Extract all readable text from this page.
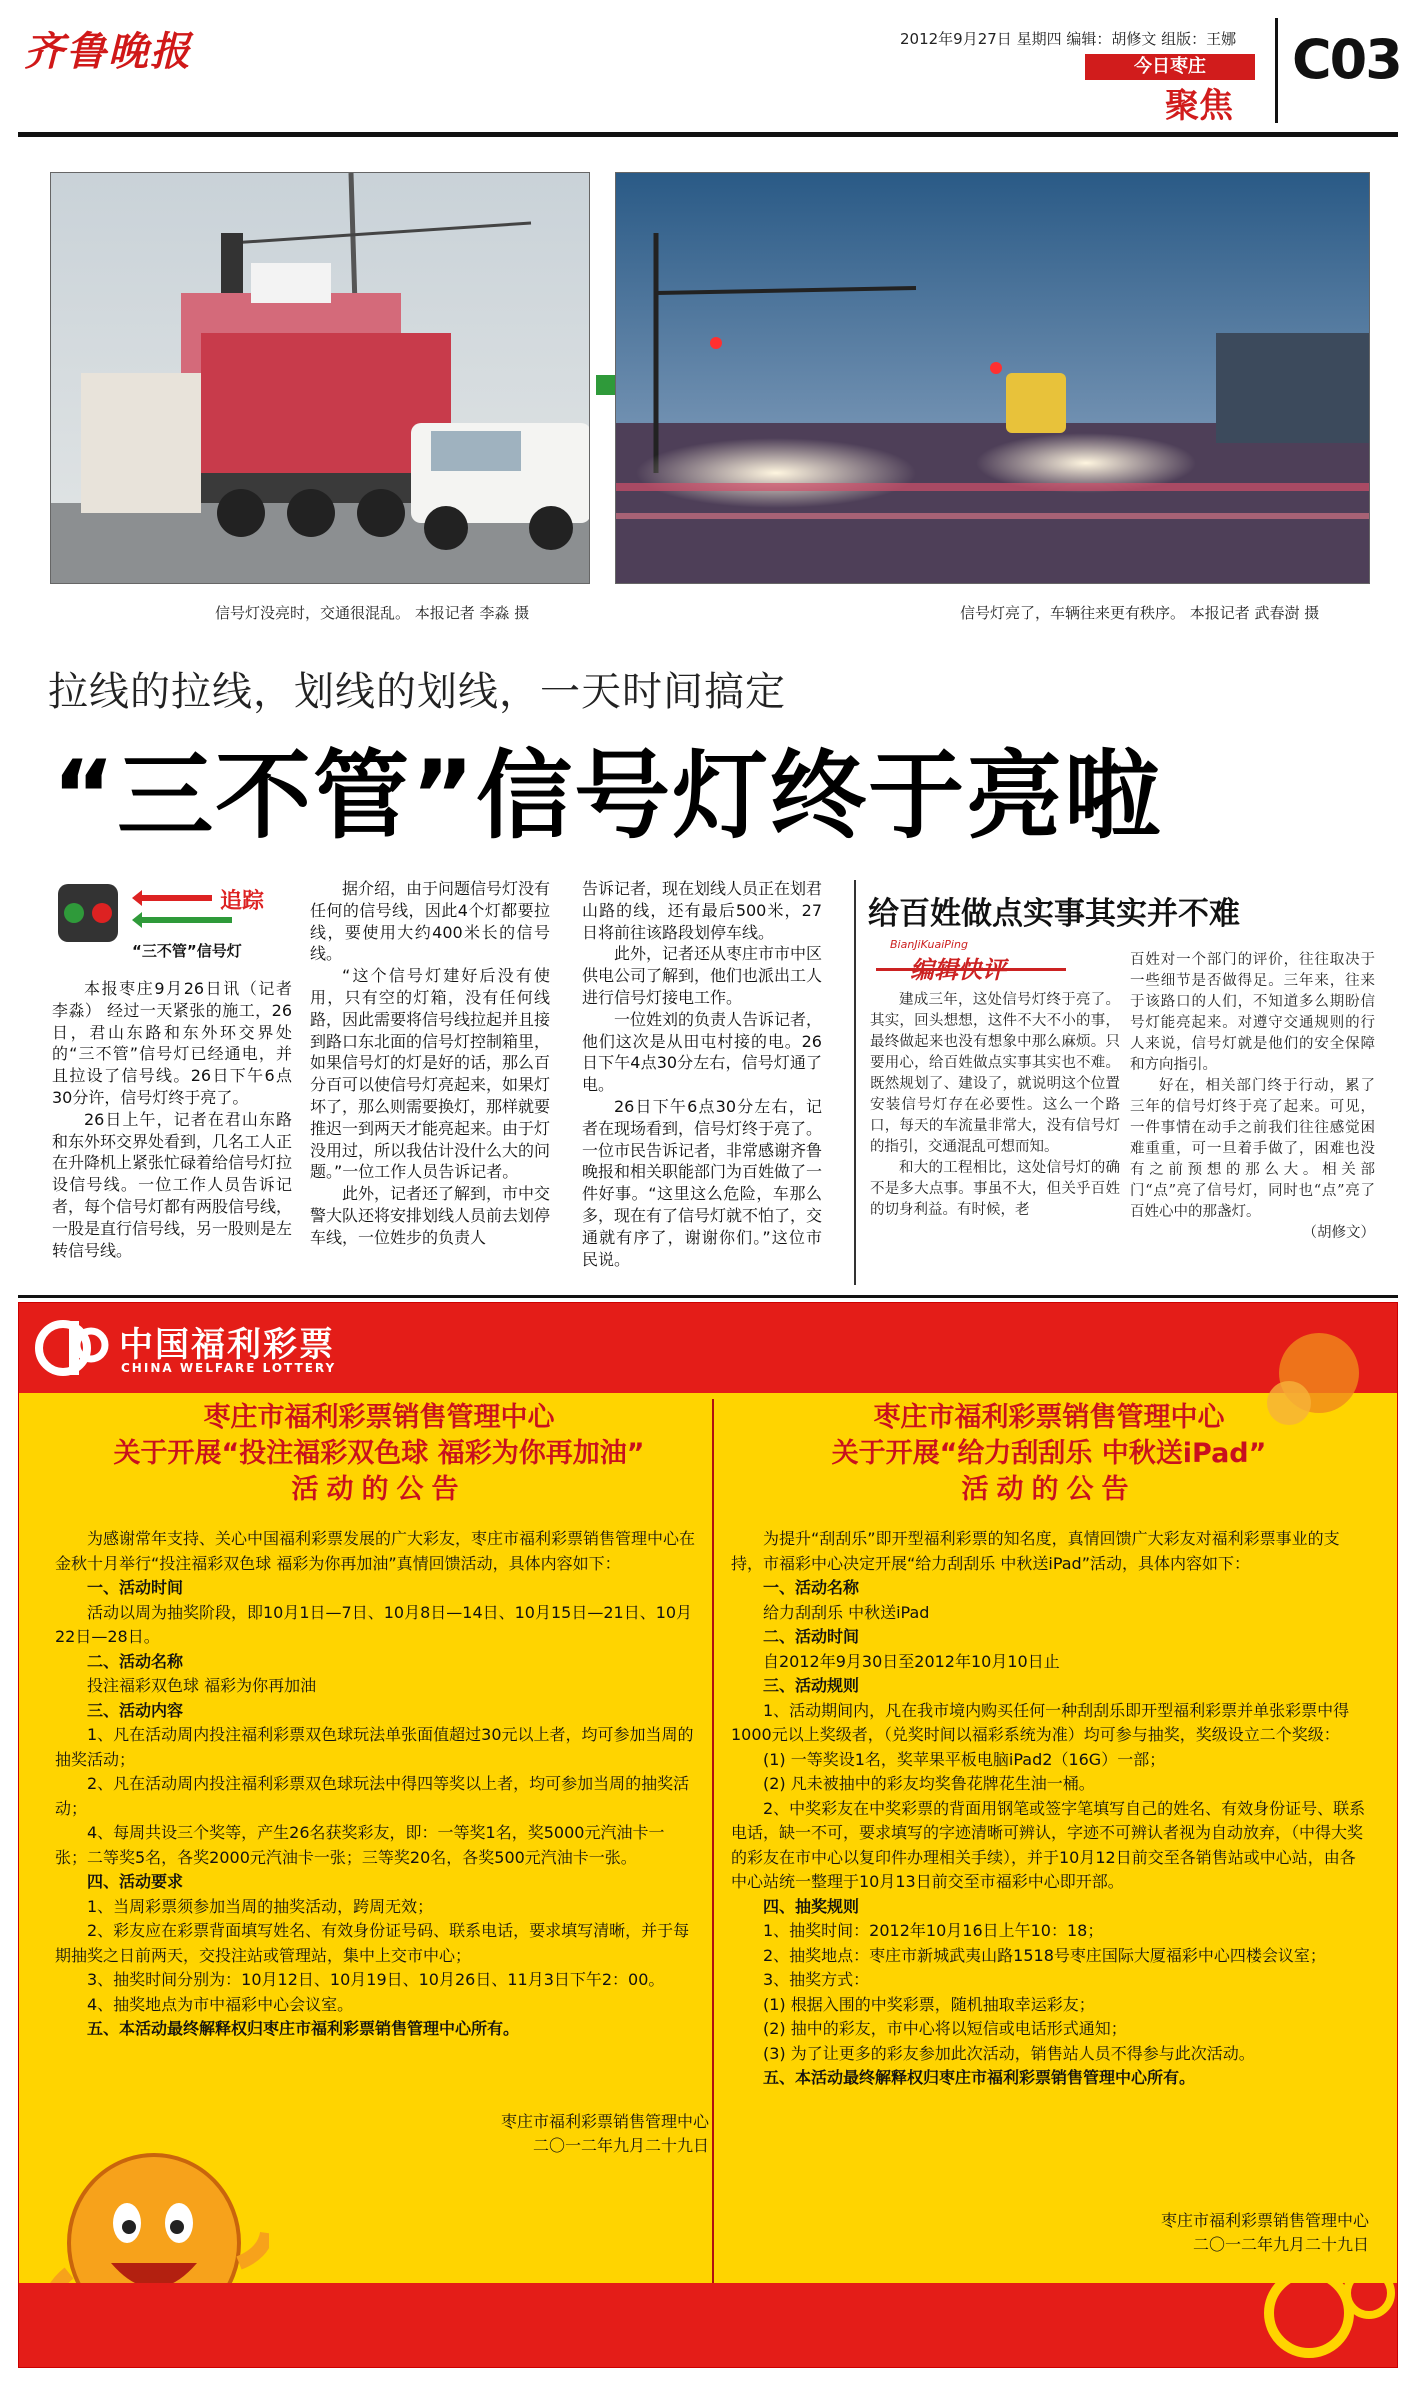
齐鲁晚报	2012年9月27日 星期四 编辑：胡修文 组版：王娜
今日枣庄
聚焦
C03
信号灯没亮时，交通很混乱。 本报记者 李淼 摄	信号灯亮了，车辆往来更有秩序。 本报记者 武春澍 摄
拉线的拉线，划线的划线，一天时间搞定
“三不管”信号灯终于亮啦
追踪
“三不管”信号灯

本报枣庄9月26日讯（记者 李淼） 经过一天紧张的施工，26日，君山东路和东外环交界处的“三不管”信号灯已经通电，并且拉设了信号线。26日下午6点30分许，信号灯终于亮了。

26日上午，记者在君山东路和东外环交界处看到，几名工人正在升降机上紧张忙碌着给信号灯拉设信号线。一位工作人员告诉记者，每个信号灯都有两股信号线，一股是直行信号线，另一股则是左转信号线。

据介绍，由于问题信号灯没有任何的信号线，因此4个灯都要拉线，要使用大约400米长的信号线。

“这个信号灯建好后没有使用，只有空的灯箱，没有任何线路，因此需要将信号线拉起并且接到路口东北面的信号灯控制箱里，如果信号灯的灯是好的话，那么百分百可以使信号灯亮起来，如果灯坏了，那么则需要换灯，那样就要推迟一到两天才能亮起来。由于灯没用过，所以我估计没什么大的问题。”一位工作人员告诉记者。

此外，记者还了解到，市中交警大队还将安排划线人员前去划停车线，一位姓步的负责人

告诉记者，现在划线人员正在划君山路的线，还有最后500米，27日将前往该路段划停车线。

此外，记者还从枣庄市市中区供电公司了解到，他们也派出工人进行信号灯接电工作。

一位姓刘的负责人告诉记者，他们这次是从田屯村接的电。26日下午4点30分左右，信号灯通了电。

26日下午6点30分左右，记者在现场看到，信号灯终于亮了。一位市民告诉记者，非常感谢齐鲁晚报和相关职能部门为百姓做了一件好事。“这里这么危险，车那么多，现在有了信号灯就不怕了，交通就有序了，谢谢你们。”这位市民说。

给百姓做点实事其实并不难
BianJiKuaiPing
编辑快评

建成三年，这处信号灯终于亮了。其实，回头想想，这件不大不小的事，最终做起来也没有想象中那么麻烦。只要用心，给百姓做点实事其实也不难。既然规划了、建设了，就说明这个位置安装信号灯存在必要性。这么一个路口，每天的车流量非常大，没有信号灯的指引，交通混乱可想而知。

和大的工程相比，这处信号灯的确不是多大点事。事虽不大，但关乎百姓的切身利益。有时候，老

百姓对一个部门的评价，往往取决于一些细节是否做得足。三年来，往来于该路口的人们，不知道多么期盼信号灯能亮起来。对遵守交通规则的行人来说，信号灯就是他们的安全保障和方向指引。

好在，相关部门终于行动，累了三年的信号灯终于亮了起来。可见，一件事情在动手之前我们往往感觉困难重重，可一旦着手做了，困难也没有之前预想的那么大。相关部门“点”亮了信号灯，同时也“点”亮了百姓心中的那盏灯。

（胡修文）
中国福利彩票
CHINA WELFARE LOTTERY
枣庄市福利彩票销售管理中心
关于开展“投注福彩双色球 福彩为你再加油”
活动的公告
为感谢常年支持、关心中国福利彩票发展的广大彩友，枣庄市福利彩票销售管理中心在金秋十月举行“投注福彩双色球 福彩为你再加油”真情回馈活动，具体内容如下：
一、活动时间
活动以周为抽奖阶段，即10月1日—7日、10月8日—14日、10月15日—21日、10月22日—28日。
二、活动名称
投注福彩双色球 福彩为你再加油
三、活动内容
1、凡在活动周内投注福利彩票双色球玩法单张面值超过30元以上者，均可参加当周的抽奖活动；
2、凡在活动周内投注福利彩票双色球玩法中得四等奖以上者，均可参加当周的抽奖活动；
4、每周共设三个奖等，产生26名获奖彩友，即：一等奖1名，奖5000元汽油卡一张；二等奖5名，各奖2000元汽油卡一张；三等奖20名，各奖500元汽油卡一张。
四、活动要求
1、当周彩票须参加当周的抽奖活动，跨周无效；
2、彩友应在彩票背面填写姓名、有效身份证号码、联系电话，要求填写清晰，并于每期抽奖之日前两天，交投注站或管理站，集中上交市中心；
3、抽奖时间分别为：10月12日、10月19日、10月26日、11月3日下午2：00。
4、抽奖地点为市中福彩中心会议室。
五、本活动最终解释权归枣庄市福利彩票销售管理中心所有。
枣庄市福利彩票销售管理中心
二〇一二年九月二十九日
枣庄市福利彩票销售管理中心
关于开展“给力刮刮乐 中秋送iPad”
活动的公告
为提升“刮刮乐”即开型福利彩票的知名度，真情回馈广大彩友对福利彩票事业的支持，市福彩中心决定开展“给力刮刮乐 中秋送iPad”活动，具体内容如下：
一、活动名称
给力刮刮乐 中秋送iPad
二、活动时间
自2012年9月30日至2012年10月10日止
三、活动规则
1、活动期间内，凡在我市境内购买任何一种刮刮乐即开型福利彩票并单张彩票中得1000元以上奖级者，（兑奖时间以福彩系统为准）均可参与抽奖，奖级设立二个奖级：
(1) 一等奖设1名，奖苹果平板电脑iPad2（16G）一部；
(2) 凡未被抽中的彩友均奖鲁花牌花生油一桶。
2、中奖彩友在中奖彩票的背面用钢笔或签字笔填写自己的姓名、有效身份证号、联系电话，缺一不可，要求填写的字迹清晰可辨认，字迹不可辨认者视为自动放弃，（中得大奖的彩友在市中心以复印件办理相关手续），并于10月12日前交至各销售站或中心站，由各中心站统一整理于10月13日前交至市福彩中心即开部。
四、抽奖规则
1、抽奖时间：2012年10月16日上午10：18；
2、抽奖地点：枣庄市新城武夷山路1518号枣庄国际大厦福彩中心四楼会议室；
3、抽奖方式：
(1) 根据入围的中奖彩票，随机抽取幸运彩友；
(2) 抽中的彩友，市中心将以短信或电话形式通知；
(3) 为了让更多的彩友参加此次活动，销售站人员不得参与此次活动。
五、本活动最终解释权归枣庄市福利彩票销售管理中心所有。
枣庄市福利彩票销售管理中心
二〇一二年九月二十九日
